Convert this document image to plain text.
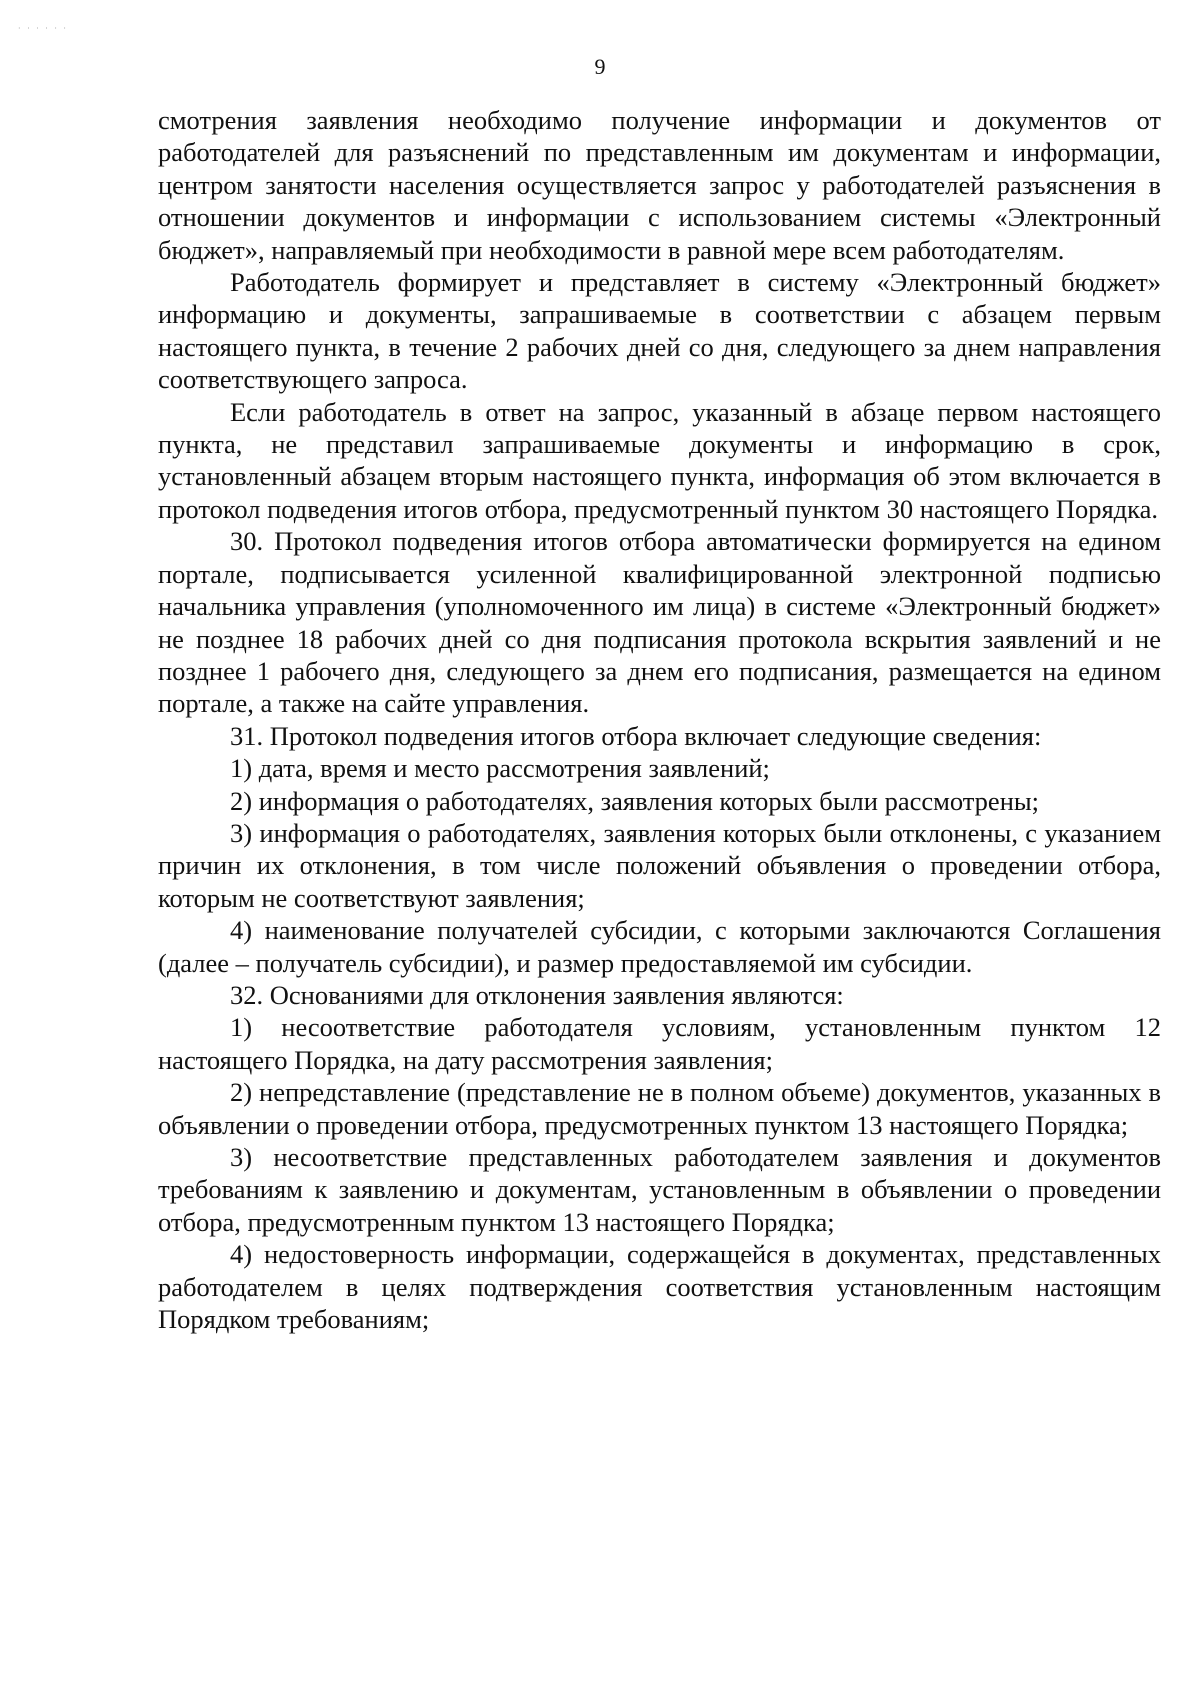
· · · · · ·
9

смотрения заявления необходимо получение информации и документов от работодателей для разъяснений по представленным им документам и информации, центром занятости населения осуществляется запрос у работодателей разъяснения в отношении документов и информации с использованием системы «Электронный бюджет», направляемый при необходимости в равной мере всем работодателям.

Работодатель формирует и представляет в систему «Электронный бюджет» информацию и документы, запрашиваемые в соответствии с абзацем первым настоящего пункта, в течение 2 рабочих дней со дня, следующего за днем направления соответствующего запроса.

Если работодатель в ответ на запрос, указанный в абзаце первом настоящего пункта, не представил запрашиваемые документы и информацию в срок, установленный абзацем вторым настоящего пункта, информация об этом включается в протокол подведения итогов отбора, предусмотренный пунктом 30 настоящего Порядка.

30. Протокол подведения итогов отбора автоматически формируется на едином портале, подписывается усиленной квалифицированной электронной подписью начальника управления (уполномоченного им лица) в системе «Электронный бюджет» не позднее 18 рабочих дней со дня подписания протокола вскрытия заявлений и не позднее 1 рабочего дня, следующего за днем его подписания, размещается на едином портале, а также на сайте управления.

31. Протокол подведения итогов отбора включает следующие сведения:

1) дата, время и место рассмотрения заявлений;

2) информация о работодателях, заявления которых были рассмотрены;

3) информация о работодателях, заявления которых были отклонены, с указанием причин их отклонения, в том числе положений объявления о проведении отбора, которым не соответствуют заявления;

4) наименование получателей субсидии, с которыми заключаются Соглашения (далее – получатель субсидии), и размер предоставляемой им субсидии.

32. Основаниями для отклонения заявления являются:

1) несоответствие работодателя условиям, установленным пунктом 12 настоящего Порядка, на дату рассмотрения заявления;

2) непредставление (представление не в полном объеме) документов, указанных в объявлении о проведении отбора, предусмотренных пунктом 13 настоящего Порядка;

3) несоответствие представленных работодателем заявления и документов требованиям к заявлению и документам, установленным в объявлении о проведении отбора, предусмотренным пунктом 13 настоящего Порядка;

4) недостоверность информации, содержащейся в документах, представленных работодателем в целях подтверждения соответствия установленным настоящим Порядком требованиям;
